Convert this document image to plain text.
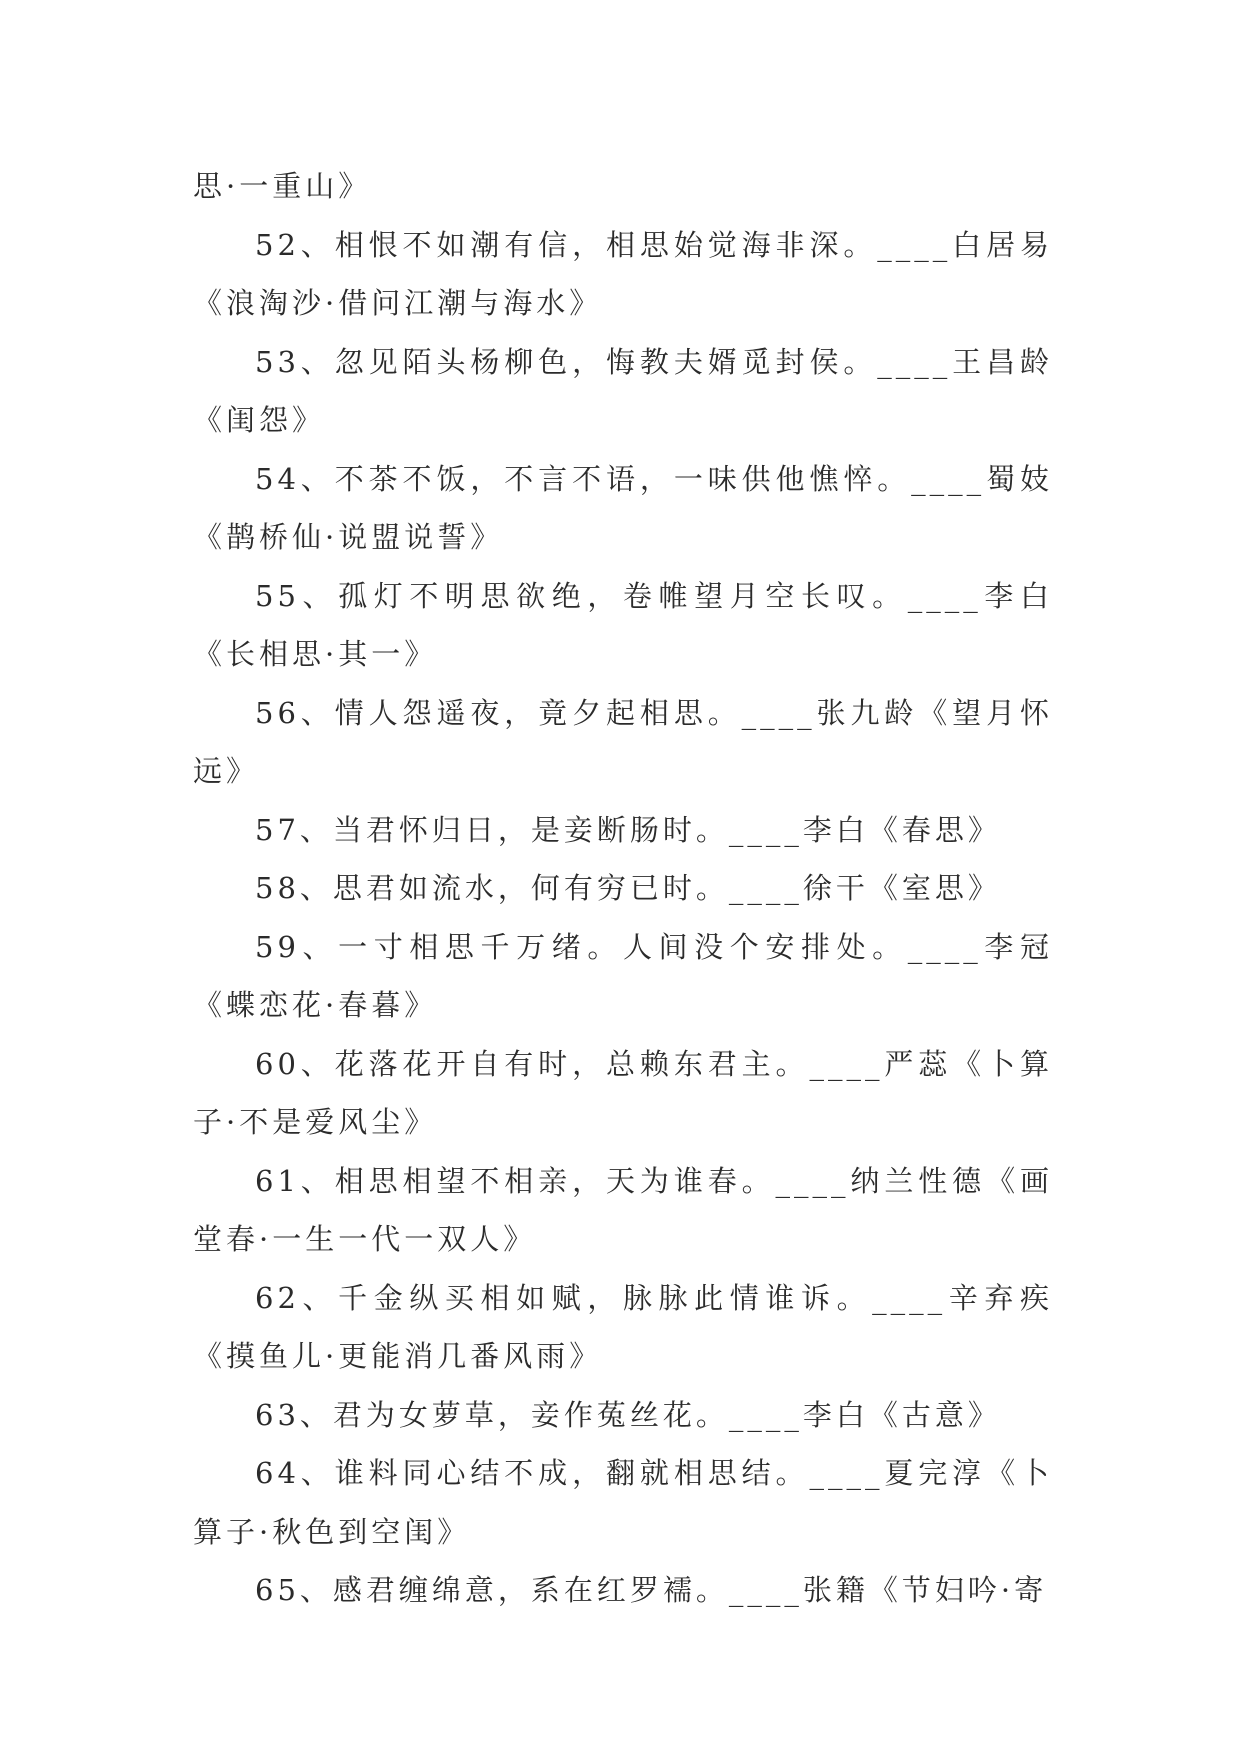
思·一重山》

52、相恨不如潮有信，相思始觉海非深。____白居易《浪淘沙·借问江潮与海水》

53、忽见陌头杨柳色，悔教夫婿觅封侯。____王昌龄《闺怨》

54、不茶不饭，不言不语，一味供他憔悴。____蜀妓《鹊桥仙·说盟说誓》

55、孤灯不明思欲绝，卷帷望月空长叹。____李白《长相思·其一》

56、情人怨遥夜，竟夕起相思。____张九龄《望月怀远》

57、当君怀归日，是妾断肠时。____李白《春思》

58、思君如流水，何有穷已时。____徐干《室思》

59、一寸相思千万绪。人间没个安排处。____李冠《蝶恋花·春暮》

60、花落花开自有时，总赖东君主。____严蕊《卜算子·不是爱风尘》

61、相思相望不相亲，天为谁春。____纳兰性德《画堂春·一生一代一双人》

62、千金纵买相如赋，脉脉此情谁诉。____辛弃疾《摸鱼儿·更能消几番风雨》

63、君为女萝草，妾作菟丝花。____李白《古意》

64、谁料同心结不成，翻就相思结。____夏完淳《卜算子·秋色到空闺》

65、感君缠绵意，系在红罗襦。____张籍《节妇吟·寄
